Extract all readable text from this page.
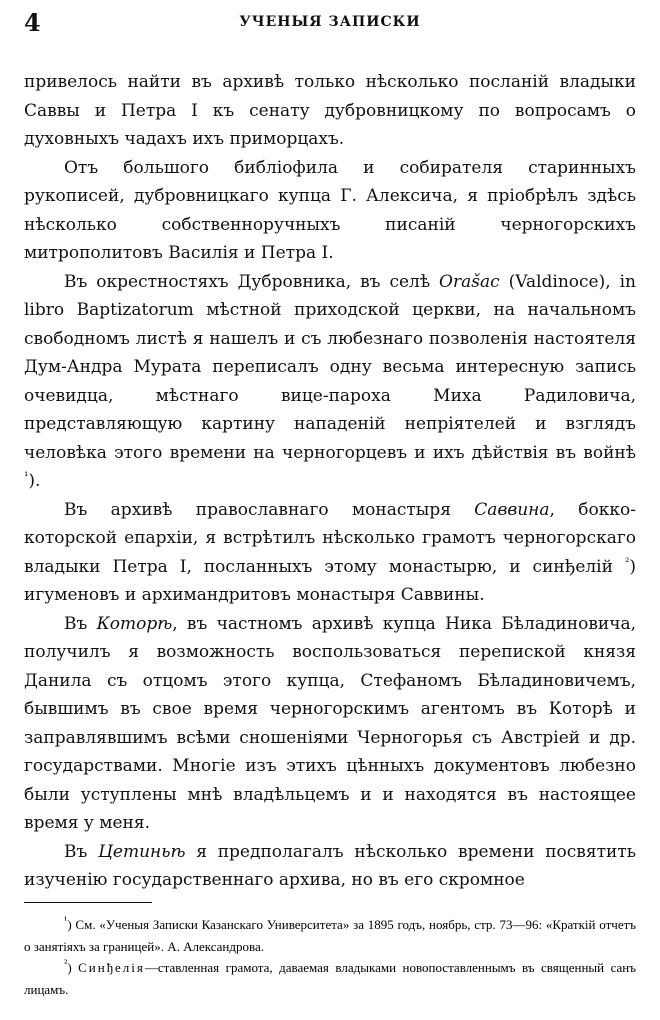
4	УЧЕНЫЯ ЗАПИСКИ

привелось найти въ архивѣ только нѣсколько посланій владыки Саввы и Петра I къ сенату дубровницкому по вопросамъ о духовныхъ чадахъ ихъ приморцахъ.

Отъ большого библіофила и собирателя старинныхъ рукописей, дубровницкаго купца Г. Алексича, я пріобрѣлъ здѣсь нѣсколько собственноручныхъ писаній черногорскихъ митрополитовъ Василія и Петра I.

Въ окрестностяхъ Дубровника, въ селѣ Orašac (Valdinoce), in libro Baptizatorum мѣстной приходской церкви, на начальномъ свободномъ листѣ я нашелъ и съ любезнаго позволенія настоятеля Дум-Андра Мурата переписалъ одну весьма интересную запись очевидца, мѣстнаго вице-пароха Миха Радиловича, представляющую картину нападеній непріятелей и взглядъ человѣка этого времени на черногорцевъ и ихъ дѣйствія въ войнѣ $^{^1}$).

Въ архивѣ православнаго монастыря Саввина, бокко-которской епархіи, я встрѣтилъ нѣсколько грамотъ черногорскаго владыки Петра I, посланныхъ этому монастырю, и синђелій $^{^2}$) игуменовъ и архимандритовъ монастыря Саввины.

Въ Которѣ, въ частномъ архивѣ купца Ника Бѣладиновича, получилъ я возможность воспользоваться перепиской князя Данила съ отцомъ этого купца, Стефаномъ Бѣладиновичемъ, бывшимъ въ свое время черногорскимъ агентомъ въ Которѣ и заправлявшимъ всѣми сношеніями Черногорья съ Австріей и др. государствами. Многіе изъ этихъ цѣнныхъ документовъ любезно были уступлены мнѣ владѣльцемъ и и находятся въ настоящее время у меня.

Въ Цетиньѣ я предполагалъ нѣсколько времени посвятить изученію государственнаго архива, но въ его скромное

$^{^1}$) См. «Ученыя Записки Казанскаго Университета» за 1895 годъ, ноябрь, стр. 73—96: «Краткій отчетъ о занятіяхъ за границей». А. Александрова.

$^{^2}$) Синђелія—ставленная грамота, даваемая владыками новопоставленнымъ въ священный санъ лицамъ.
